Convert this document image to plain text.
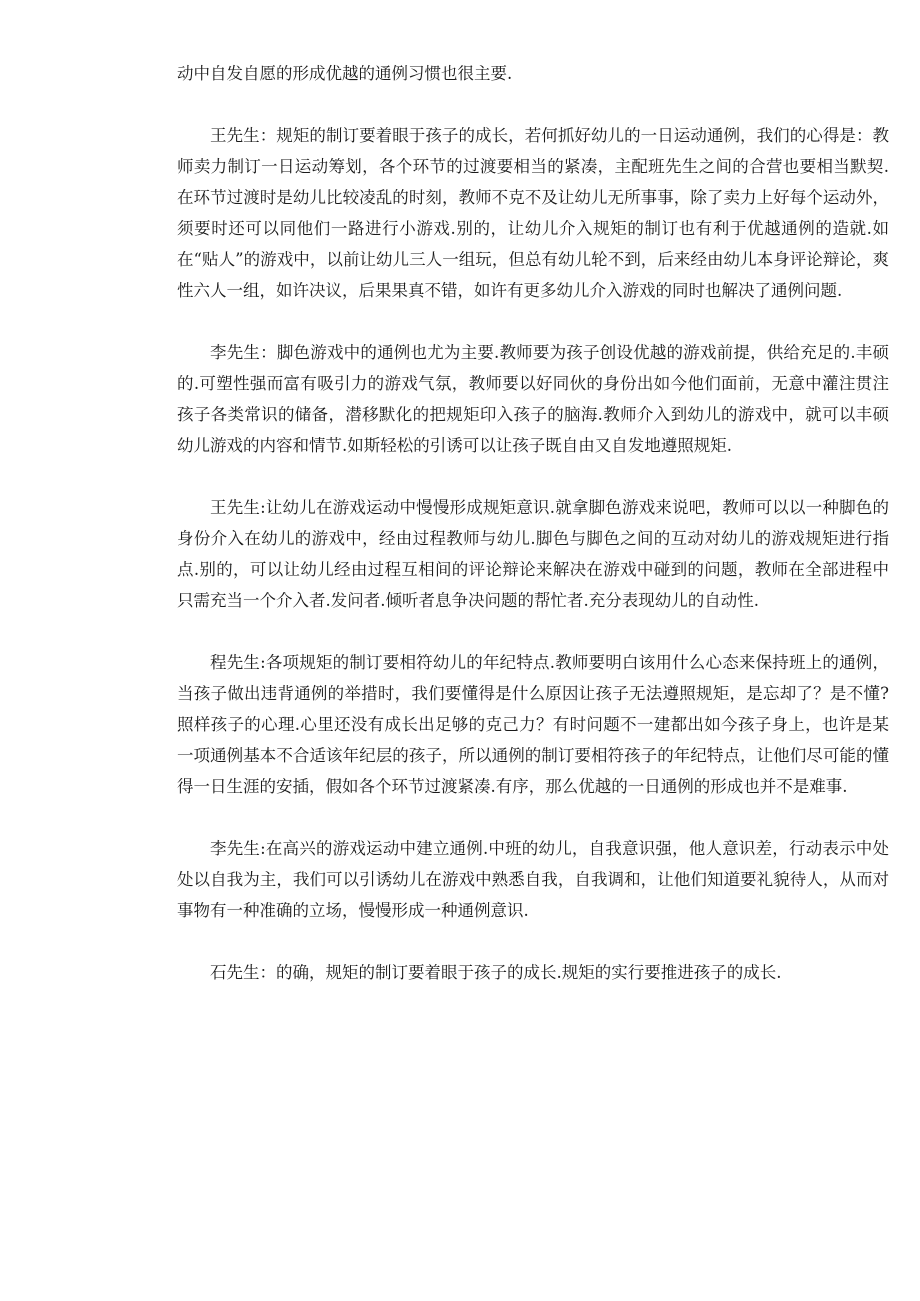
动中自发自愿的形成优越的通例习惯也很主要.

王先生：规矩的制订要着眼于孩子的成长，若何抓好幼儿的一日运动通例，我们的心得是：教师卖力制订一日运动筹划，各个环节的过渡要相当的紧凑，主配班先生之间的合营也要相当默契.在环节过渡时是幼儿比较凌乱的时刻，教师不克不及让幼儿无所事事，除了卖力上好每个运动外，须要时还可以同他们一路进行小游戏.别的，让幼儿介入规矩的制订也有利于优越通例的造就.如在“贴人”的游戏中，以前让幼儿三人一组玩，但总有幼儿轮不到，后来经由幼儿本身评论辩论，爽性六人一组，如许决议，后果果真不错，如许有更多幼儿介入游戏的同时也解决了通例问题.

李先生：脚色游戏中的通例也尤为主要.教师要为孩子创设优越的游戏前提，供给充足的.丰硕的.可塑性强而富有吸引力的游戏气氛，教师要以好同伙的身份出如今他们面前，无意中灌注贯注孩子各类常识的储备，潜移默化的把规矩印入孩子的脑海.教师介入到幼儿的游戏中，就可以丰硕幼儿游戏的内容和情节.如斯轻松的引诱可以让孩子既自由又自发地遵照规矩.

王先生:让幼儿在游戏运动中慢慢形成规矩意识.就拿脚色游戏来说吧，教师可以以一种脚色的身份介入在幼儿的游戏中，经由过程教师与幼儿.脚色与脚色之间的互动对幼儿的游戏规矩进行指点.别的，可以让幼儿经由过程互相间的评论辩论来解决在游戏中碰到的问题，教师在全部进程中只需充当一个介入者.发问者.倾听者息争决问题的帮忙者.充分表现幼儿的自动性.

程先生:各项规矩的制订要相符幼儿的年纪特点.教师要明白该用什么心态来保持班上的通例，当孩子做出违背通例的举措时，我们要懂得是什么原因让孩子无法遵照规矩，是忘却了？是不懂?照样孩子的心理.心里还没有成长出足够的克己力？有时问题不一建都出如今孩子身上，也许是某一项通例基本不合适该年纪层的孩子，所以通例的制订要相符孩子的年纪特点，让他们尽可能的懂得一日生涯的安插，假如各个环节过渡紧凑.有序，那么优越的一日通例的形成也并不是难事.

李先生:在高兴的游戏运动中建立通例.中班的幼儿，自我意识强，他人意识差，行动表示中处处以自我为主，我们可以引诱幼儿在游戏中熟悉自我，自我调和，让他们知道要礼貌待人，从而对事物有一种准确的立场，慢慢形成一种通例意识.

石先生：的确，规矩的制订要着眼于孩子的成长.规矩的实行要推进孩子的成长.
